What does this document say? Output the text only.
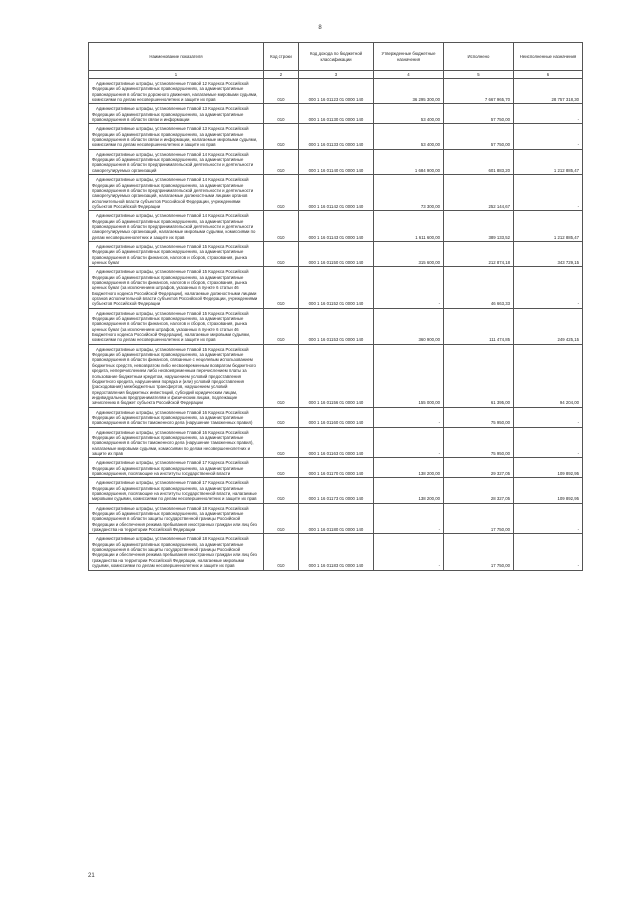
8
Наименование показателя	Код строки	Код дохода по бюджетной классификации	Утвержденные бюджетные назначения	Исполнено	Неисполненные назначения
1	2	3	4	5	6
Административные штрафы, установленные Главой 12 Кодекса Российской Федерации об административных правонарушениях, за административные правонарушения в области дорожного движения, налагаемые мировыми судьями, комиссиями по делам несовершеннолетних и защите их прав	010	000 1 16 01123 01 0000 140	36 295 300,00	7 667 965,70	28 757 318,30
Административные штрафы, установленные Главой 13 Кодекса Российской Федерации об административных правонарушениях, за административные правонарушения в области связи и информации	010	000 1 16 01130 01 0000 140	53 400,00	57 750,00	-
Административные штрафы, установленные Главой 13 Кодекса Российской Федерации об административных правонарушениях, за административные правонарушения в области связи и информации, налагаемые мировыми судьями, комиссиями по делам несовершеннолетних и защите их прав	010	000 1 16 01133 01 0000 140	53 400,00	57 750,00	-
Административные штрафы, установленные Главой 14 Кодекса Российской Федерации об административных правонарушениях, за административные правонарушения в области предпринимательской деятельности и деятельности саморегулируемых организаций	010	000 1 16 01140 01 0000 140	1 684 900,00	601 883,20	1 212 885,47
Административные штрафы, установленные Главой 14 Кодекса Российской Федерации об административных правонарушениях, за административные правонарушения в области предпринимательской деятельности и деятельности саморегулируемых организаций, налагаемые должностными лицами органов исполнительной власти субъектов Российской Федерации, учреждениями субъектов Российской Федерации	010	000 1 16 01142 01 0000 140	73 300,00	252 144,67	-
Административные штрафы, установленные Главой 14 Кодекса Российской Федерации об административных правонарушениях, за административные правонарушения в области предпринимательской деятельности и деятельности саморегулируемых организаций, налагаемые мировыми судьями, комиссиями по делам несовершеннолетних и защите их прав	010	000 1 16 01143 01 0000 140	1 611 600,00	389 133,52	1 212 885,47
Административные штрафы, установленные Главой 15 Кодекса Российской Федерации об административных правонарушениях, за административные правонарушения в области финансов, налогов и сборов, страхования, рынка ценных бумаг	010	000 1 16 01150 01 0000 140	315 600,00	212 874,18	343 729,15
Административные штрафы, установленные Главой 15 Кодекса Российской Федерации об административных правонарушениях, за административные правонарушения в области финансов, налогов и сборов, страхования, рынка ценных бумаг (за исключением штрафов, указанных в пункте 6 статьи 46 Бюджетного кодекса Российской Федерации), налагаемые должностными лицами органов исполнительной власти субъектов Российской Федерации, учреждениями субъектов Российской Федерации	010	000 1 16 01152 01 0000 140	-	46 663,33	-
Административные штрафы, установленные Главой 15 Кодекса Российской Федерации об административных правонарушениях, за административные правонарушения в области финансов, налогов и сборов, страхования, рынка ценных бумаг (за исключением штрафов, указанных в пункте 6 статьи 46 Бюджетного кодекса Российской Федерации), налагаемые мировыми судьями, комиссиями по делам несовершеннолетних и защите их прав	010	000 1 16 01153 01 0000 140	360 900,00	111 474,85	249 425,15
Административные штрафы, установленные Главой 15 Кодекса Российской Федерации об административных правонарушениях, за административные правонарушения в области финансов, связанные с нецелевым использованием бюджетных средств, невозвратом либо несвоевременным возвратом бюджетного кредита, неперечислением либо несвоевременным перечислением платы за пользование бюджетным кредитом, нарушением условий предоставления бюджетного кредита, нарушением порядка и (или) условий предоставления (расходования) межбюджетных трансфертов, нарушением условий предоставления бюджетных инвестиций, субсидий юридическим лицам, индивидуальным предпринимателям и физическим лицам, подлежащие зачислению в бюджет субъекта Российской Федерации	010	000 1 16 01156 01 0000 140	155 000,00	61 395,00	94 204,00
Административные штрафы, установленные Главой 16 Кодекса Российской Федерации об административных правонарушениях, за административные правонарушения в области таможенного дела (нарушение таможенных правил)	010	000 1 16 01160 01 0000 140	-	75 950,00	-
Административные штрафы, установленные Главой 16 Кодекса Российской Федерации об административных правонарушениях, за административные правонарушения в области таможенного дела (нарушение таможенных правил), налагаемые мировыми судьями, комиссиями по делам несовершеннолетних и защите их прав	010	000 1 16 01163 01 0000 140	-	75 950,00	-
Административные штрафы, установленные Главой 17 Кодекса Российской Федерации об административных правонарушениях, за административные правонарушения, посягающие на институты государственной власти	010	000 1 16 01170 01 0000 140	138 200,00	29 327,05	109 892,95
Административные штрафы, установленные Главой 17 Кодекса Российской Федерации об административных правонарушениях, за административные правонарушения, посягающие на институты государственной власти, налагаемые мировыми судьями, комиссиями по делам несовершеннолетних и защите их прав	010	000 1 16 01173 01 0000 140	138 200,00	28 327,05	109 892,95
Административные штрафы, установленные Главой 18 Кодекса Российской Федерации об административных правонарушениях, за административные правонарушения в области защиты государственной границы Российской Федерации и обеспечения режима пребывания иностранных граждан или лиц без гражданства на территории Российской Федерации	010	000 1 16 01180 01 0000 140	-	17 750,00	-
Административные штрафы, установленные Главой 18 Кодекса Российской Федерации об административных правонарушениях, за административные правонарушения в области защиты государственной границы Российской Федерации и обеспечения режима пребывания иностранных граждан или лиц без гражданства на территории Российской Федерации, налагаемые мировыми судьями, комиссиями по делам несовершеннолетних и защите их прав	010	000 1 16 01183 01 0000 140	-	17 750,00	-
21
